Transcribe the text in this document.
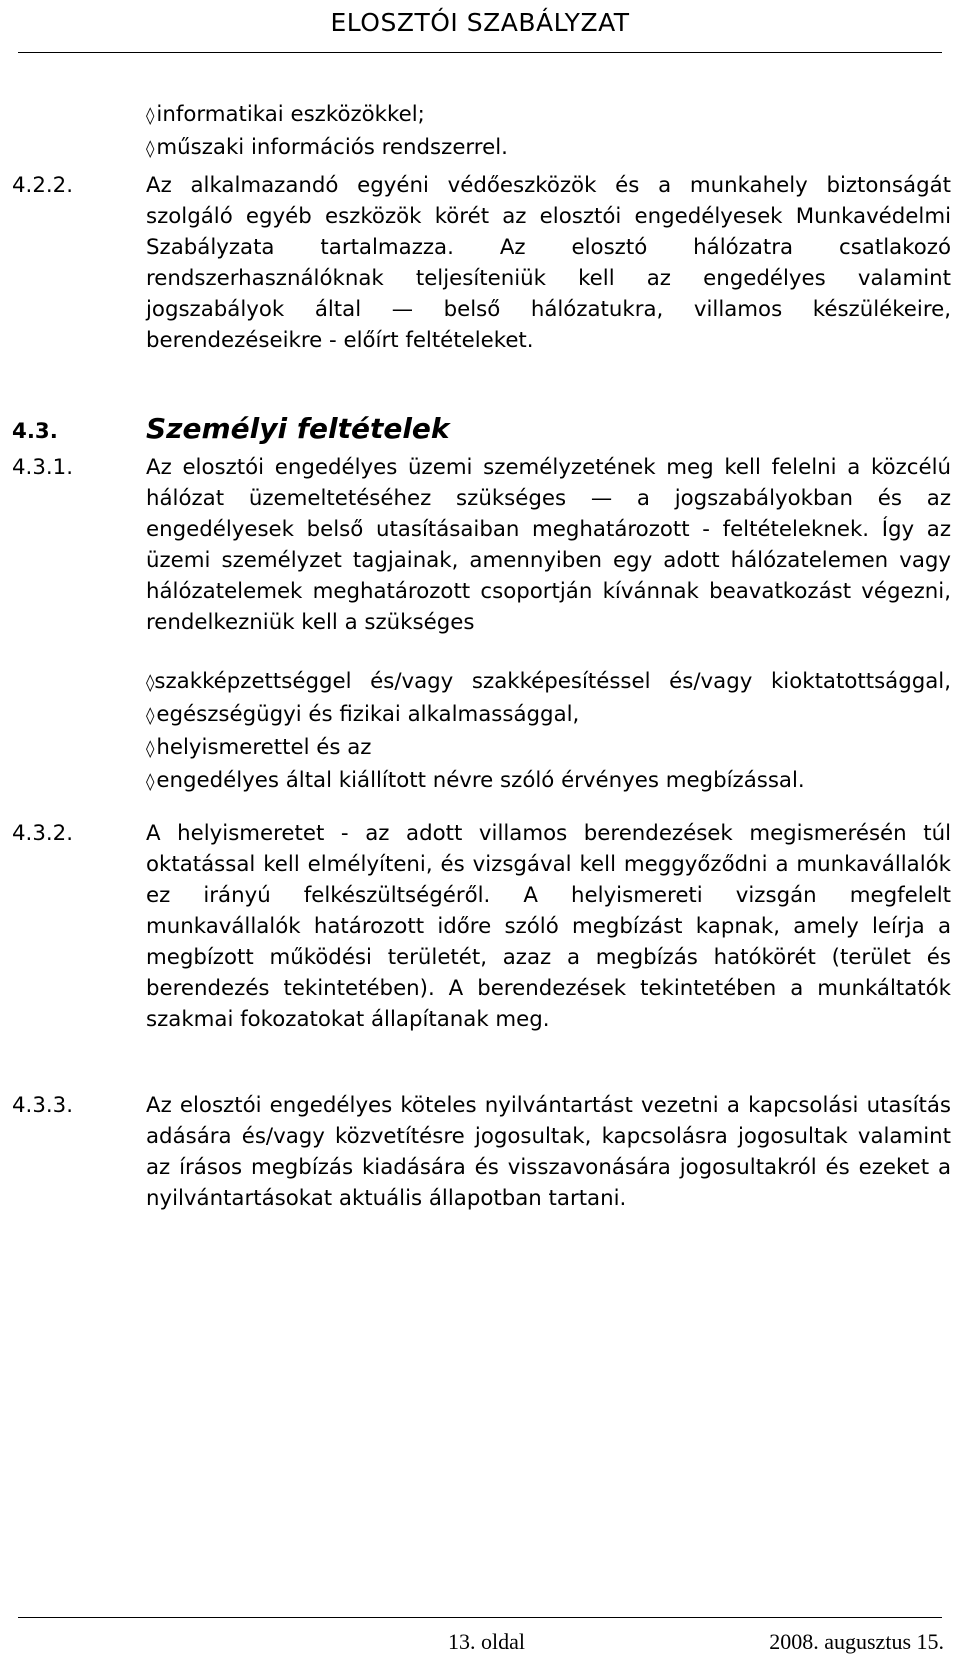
ELOSZTÓI SZABÁLYZAT
◊informatikai eszközökkel;
◊műszaki információs rendszerrel.
4.2.2.	Az alkalmazandó egyéni védőeszközök és a munkahely biztonságát szolgáló egyéb eszközök körét az elosztói engedélyesek Munkavédelmi Szabályzata tartalmazza. Az elosztó hálózatra csatlakozó rendszerhasználóknak teljesíteniük kell az engedélyes valamint jogszabályok által — belső hálózatukra, villamos készülékeire, berendezéseikre - előírt feltételeket.
4.3.	Személyi feltételek
4.3.1.	Az elosztói engedélyes üzemi személyzetének meg kell felelni a közcélú hálózat üzemeltetéséhez szükséges — a jogszabályokban és az engedélyesek belső utasításaiban meghatározott - feltételeknek. Így az üzemi személyzet tagjainak, amennyiben egy adott hálózatelemen vagy hálózatelemek meghatározott csoportján kívánnak beavatkozást végezni, rendelkezniük kell a szükséges
◊szakképzettséggel és/vagy szakképesítéssel és/vagy kioktatottsággal,
◊egészségügyi és fizikai alkalmassággal,
◊helyismerettel és az
◊engedélyes által kiállított névre szóló érvényes megbízással.
4.3.2.	A helyismeretet - az adott villamos berendezések megismerésén túl oktatással kell elmélyíteni, és vizsgával kell meggyőződni a munkavállalók ez irányú felkészültségéről. A helyismereti vizsgán megfelelt munkavállalók határozott időre szóló megbízást kapnak, amely leírja a megbízott működési területét, azaz a megbízás hatókörét (terület és berendezés tekintetében). A berendezések tekintetében a munkáltatók szakmai fokozatokat állapítanak meg.
4.3.3.	Az elosztói engedélyes köteles nyilvántartást vezetni a kapcsolási utasítás adására és/vagy közvetítésre jogosultak, kapcsolásra jogosultak valamint az írásos megbízás kiadására és visszavonására jogosultakról és ezeket a nyilvántartásokat aktuális állapotban tartani.
13. oldal	2008. augusztus 15.
